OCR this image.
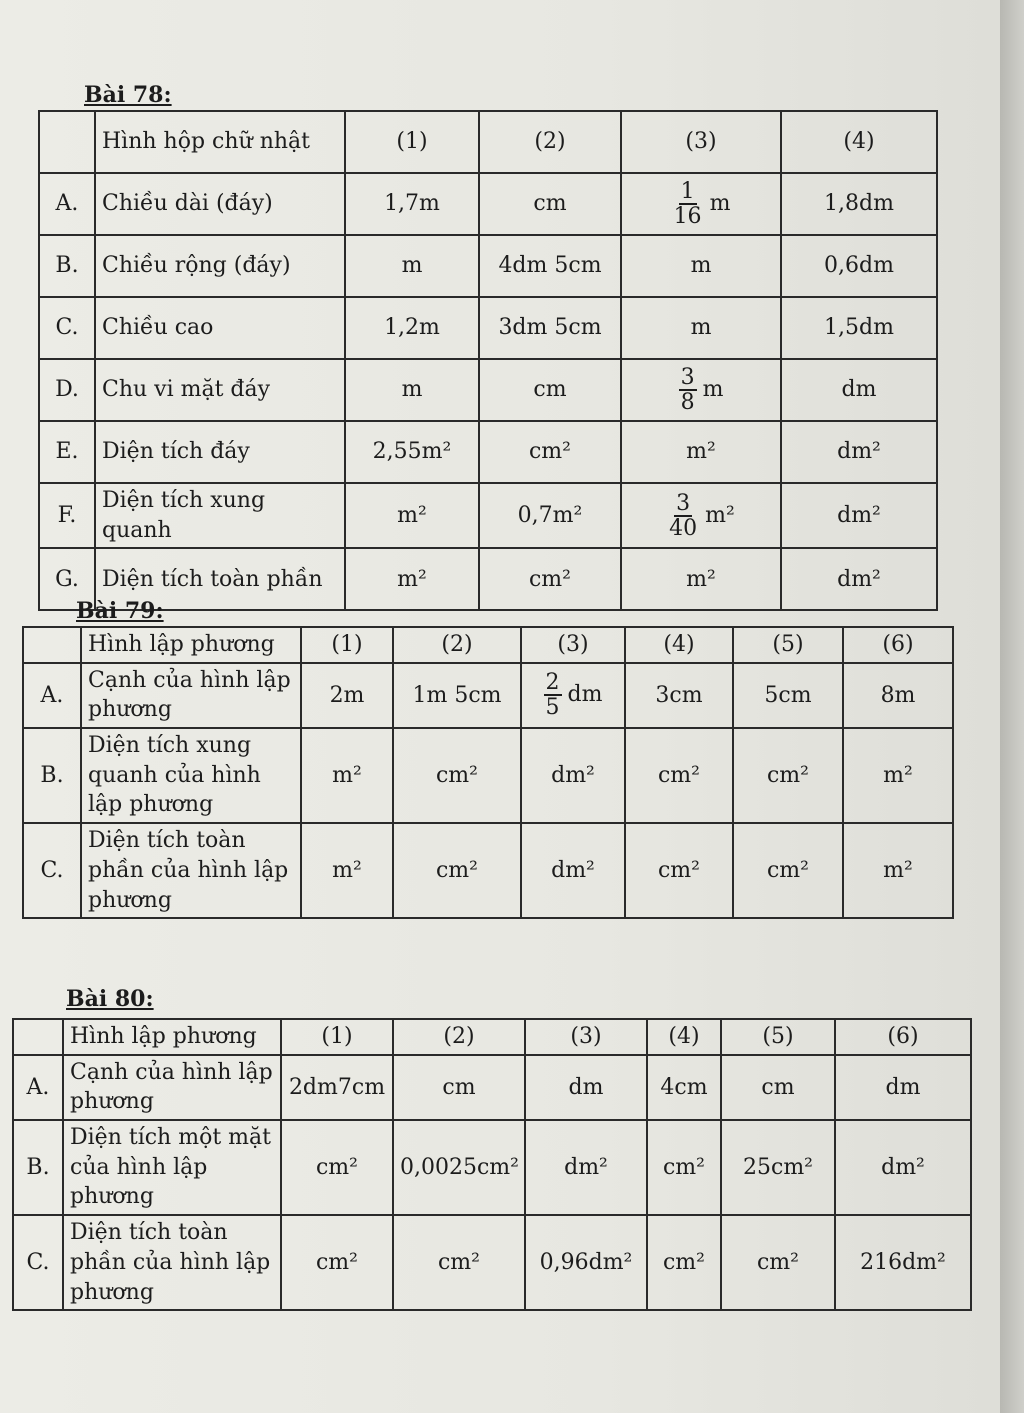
Bài 78:
	Hình hộp chữ nhật	(1)	(2)	(3)	(4)
A.	Chiều dài (đáy)	1,7m	cm	$\frac{1}{16}$ m	1,8dm
B.	Chiều rộng (đáy)	m	4dm 5cm	m	0,6dm
C.	Chiều cao	1,2m	3dm 5cm	m	1,5dm
D.	Chu vi mặt đáy	m	cm	$\frac{3}{8}$ m	dm
E.	Diện tích đáy	2,55m²	cm²	m²	dm²
F.	Diện tích xung quanh	m²	0,7m²	$\frac{3}{40} m^2$	dm²
G.	Diện tích toàn phần	m²	cm²	m²	dm²
Bài 79:
	Hình lập phương	(1)	(2)	(3)	(4)	(5)	(6)
A.	Cạnh của hình lập phương	2m	1m 5cm	$\frac{2}{5}$ dm	3cm	5cm	8m
B.	Diện tích xung quanh của hình lập phương	m²	cm²	dm²	cm²	cm²	m²
C.	Diện tích toàn phần của hình lập phương	m²	cm²	dm²	cm²	cm²	m²
Bài 80:
	Hình lập phương	(1)	(2)	(3)	(4)	(5)	(6)
A.	Cạnh của hình lập phương	2dm7cm	cm	dm	4cm	cm	dm
B.	Diện tích một mặt của hình lập phương	cm²	0,0025cm²	dm²	cm²	25cm²	dm²
C.	Diện tích toàn phần của hình lập phương	cm²	cm²	0,96dm²	cm²	cm²	216dm²
